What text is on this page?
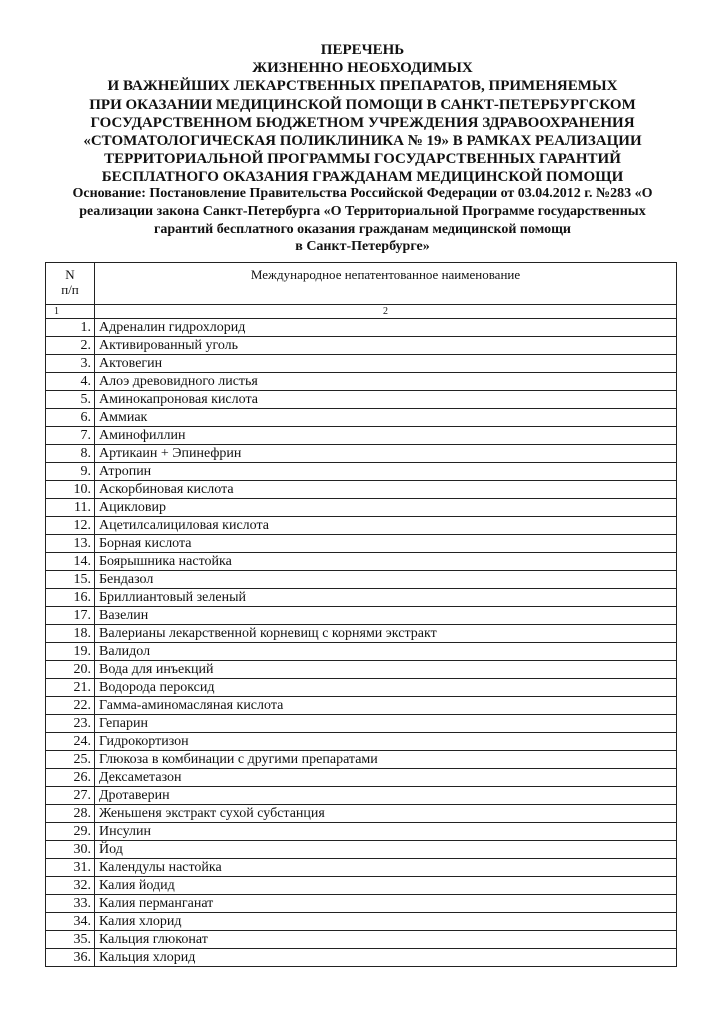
ПЕРЕЧЕНЬ
ЖИЗНЕННО НЕОБХОДИМЫХ
И ВАЖНЕЙШИХ ЛЕКАРСТВЕННЫХ ПРЕПАРАТОВ, ПРИМЕНЯЕМЫХ
ПРИ ОКАЗАНИИ МЕДИЦИНСКОЙ ПОМОЩИ В САНКТ-ПЕТЕРБУРГСКОМ
ГОСУДАРСТВЕННОМ БЮДЖЕТНОМ УЧРЕЖДЕНИЯ ЗДРАВООХРАНЕНИЯ
«СТОМАТОЛОГИЧЕСКАЯ ПОЛИКЛИНИКА № 19» В РАМКАХ РЕАЛИЗАЦИИ
ТЕРРИТОРИАЛЬНОЙ ПРОГРАММЫ ГОСУДАРСТВЕННЫХ ГАРАНТИЙ
БЕСПЛАТНОГО ОКАЗАНИЯ ГРАЖДАНАМ МЕДИЦИНСКОЙ ПОМОЩИ
Основание: Постановление Правительства Российской Федерации от 03.04.2012 г. №283 «О
реализации закона Санкт-Петербурга «О Территориальной Программе государственных
гарантий бесплатного оказания гражданам медицинской помощи
в Санкт-Петербурге»
N
п/п	Международное непатентованное наименование
1	2
1.	Адреналин гидрохлорид
2.	Активированный уголь
3.	Актовегин
4.	Алоэ древовидного листья
5.	Аминокапроновая кислота
6.	Аммиак
7.	Аминофиллин
8.	Артикаин + Эпинефрин
9.	Атропин
10.	Аскорбиновая кислота
11.	Ацикловир
12.	Ацетилсалициловая кислота
13.	Борная кислота
14.	Боярышника настойка
15.	Бендазол
16.	Бриллиантовый зеленый
17.	Вазелин
18.	Валерианы лекарственной корневищ с корнями экстракт
19.	Валидол
20.	Вода для инъекций
21.	Водорода пероксид
22.	Гамма-аминомасляная кислота
23.	Гепарин
24.	Гидрокортизон
25.	Глюкоза в комбинации с другими препаратами
26.	Дексаметазон
27.	Дротаверин
28.	Женьшеня экстракт сухой субстанция
29.	Инсулин
30.	Йод
31.	Календулы настойка
32.	Калия йодид
33.	Калия перманганат
34.	Калия хлорид
35.	Кальция глюконат
36.	Кальция хлорид
